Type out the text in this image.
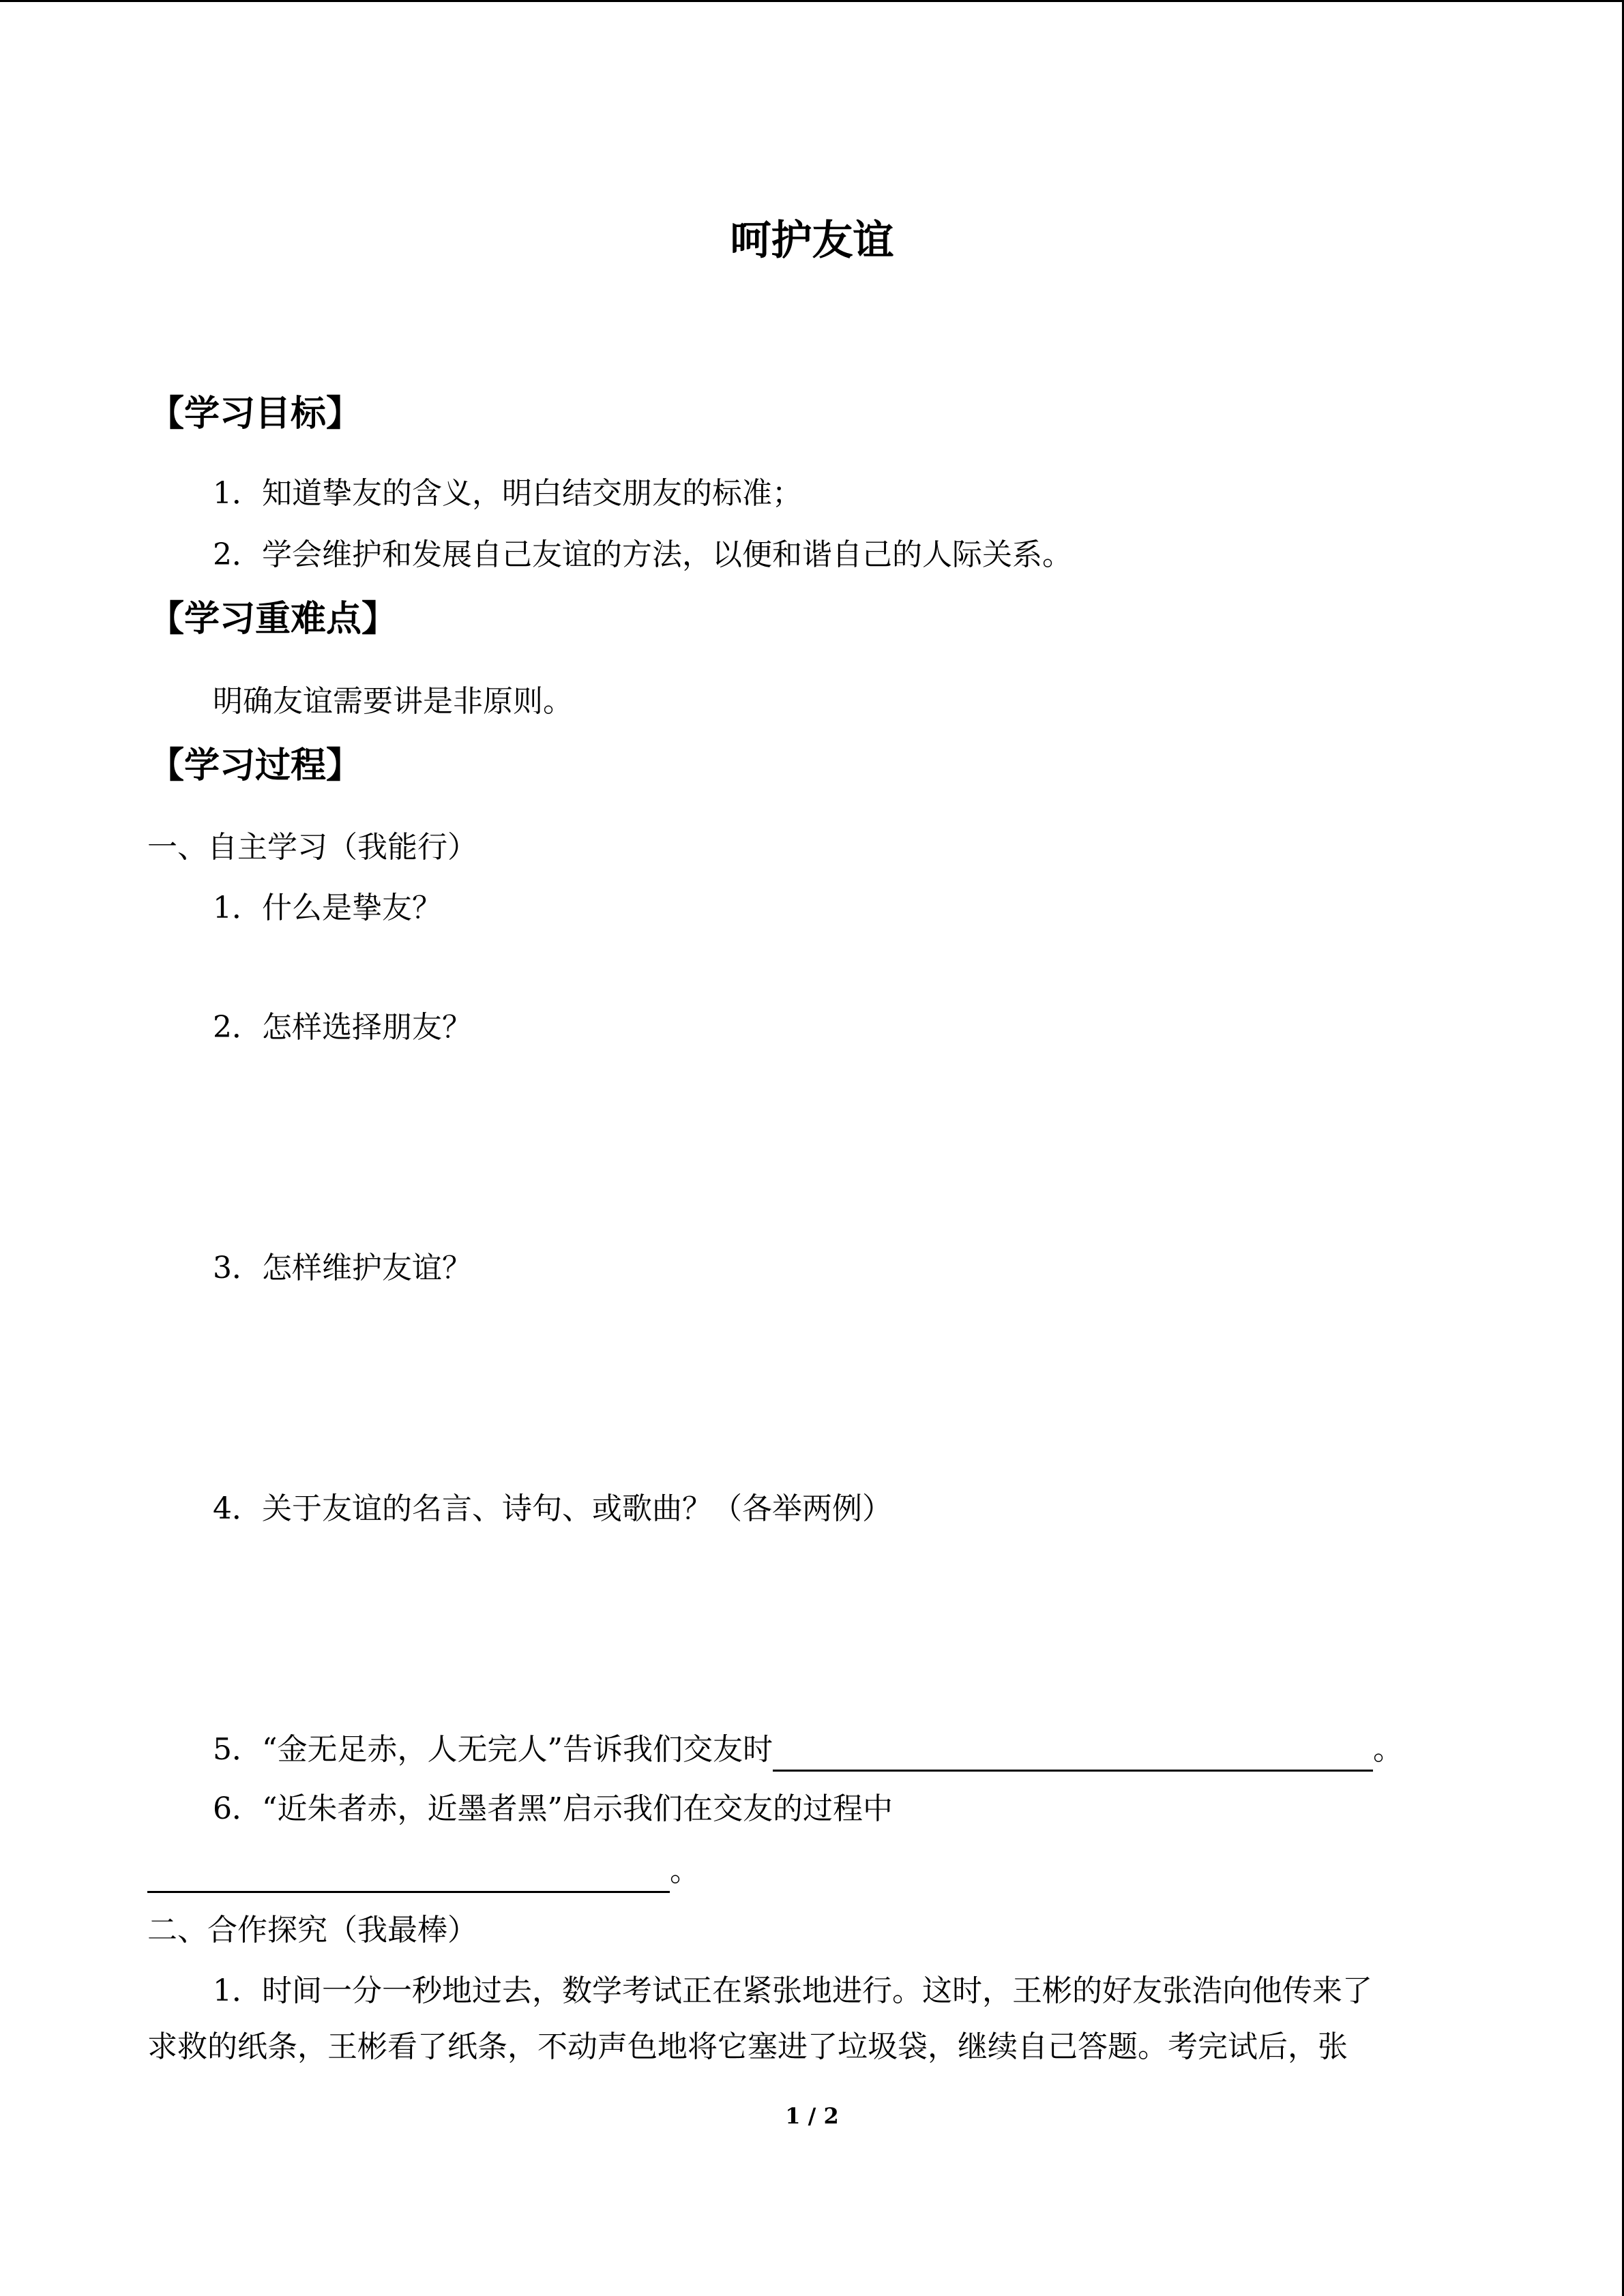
呵护友谊
【学习目标】
1．知道挚友的含义，明白结交朋友的标准；
2．学会维护和发展自己友谊的方法，以便和谐自己的人际关系。
【学习重难点】
明确友谊需要讲是非原则。
【学习过程】
一、自主学习（我能行）
1．什么是挚友？
2．怎样选择朋友？
3．怎样维护友谊？
4．关于友谊的名言、诗句、或歌曲？（各举两例）
5．“金无足赤，人无完人”告诉我们交友时	。
6．“近朱者赤，近墨者黑”启示我们在交友的过程中
。
二、合作探究（我最棒）
1．时间一分一秒地过去，数学考试正在紧张地进行。这时，王彬的好友张浩向他传来了
求救的纸条，王彬看了纸条，不动声色地将它塞进了垃圾袋，继续自己答题。考完试后，张
1 / 2
